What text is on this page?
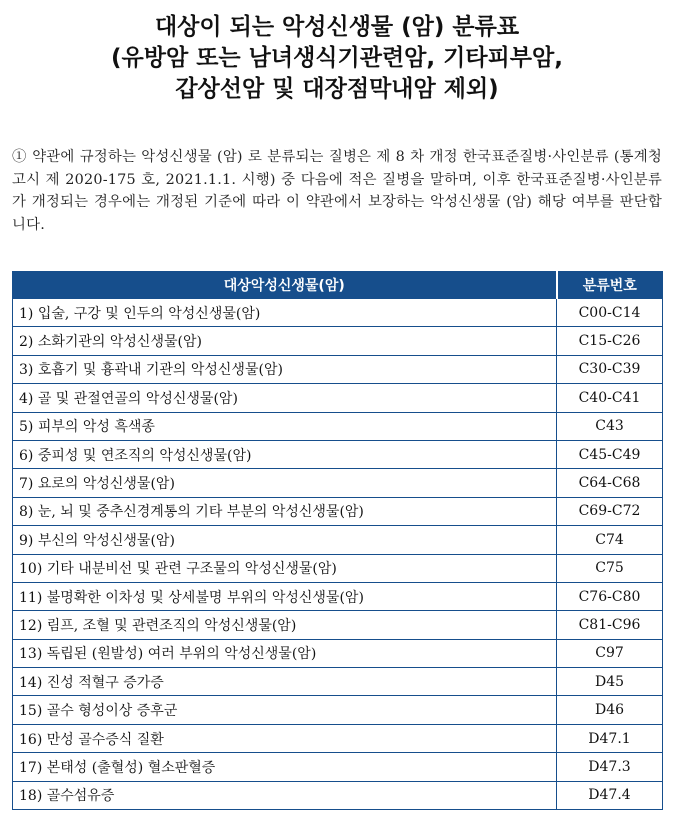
대상이 되는 악성신생물 (암) 분류표
(유방암 또는 남녀생식기관련암, 기타피부암,
갑상선암 및 대장점막내암 제외)
① 약관에 규정하는 악성신생물 (암) 로 분류되는 질병은 제 8 차 개정 한국표준질병·사인분류 (통계청 고시 제 2020-175 호, 2021.1.1. 시행) 중 다음에 적은 질병을 말하며, 이후 한국표준질병·사인분류가 개정되는 경우에는 개정된 기준에 따라 이 약관에서 보장하는 악성신생물 (암) 해당 여부를 판단합니다.
대상악성신생물(암)	분류번호
1) 입술, 구강 및 인두의 악성신생물(암)	C00-C14
2) 소화기관의 악성신생물(암)	C15-C26
3) 호흡기 및 흉곽내 기관의 악성신생물(암)	C30-C39
4) 골 및 관절연골의 악성신생물(암)	C40-C41
5) 피부의 악성 흑색종	C43
6) 중피성 및 연조직의 악성신생물(암)	C45-C49
7) 요로의 악성신생물(암)	C64-C68
8) 눈, 뇌 및 중추신경계통의 기타 부분의 악성신생물(암)	C69-C72
9) 부신의 악성신생물(암)	C74
10) 기타 내분비선 및 관련 구조물의 악성신생물(암)	C75
11) 불명확한 이차성 및 상세불명 부위의 악성신생물(암)	C76-C80
12) 림프, 조혈 및 관련조직의 악성신생물(암)	C81-C96
13) 독립된 (원발성) 여러 부위의 악성신생물(암)	C97
14) 진성 적혈구 증가증	D45
15) 골수 형성이상 증후군	D46
16) 만성 골수증식 질환	D47.1
17) 본태성 (출혈성) 혈소판혈증	D47.3
18) 골수섬유증	D47.4
